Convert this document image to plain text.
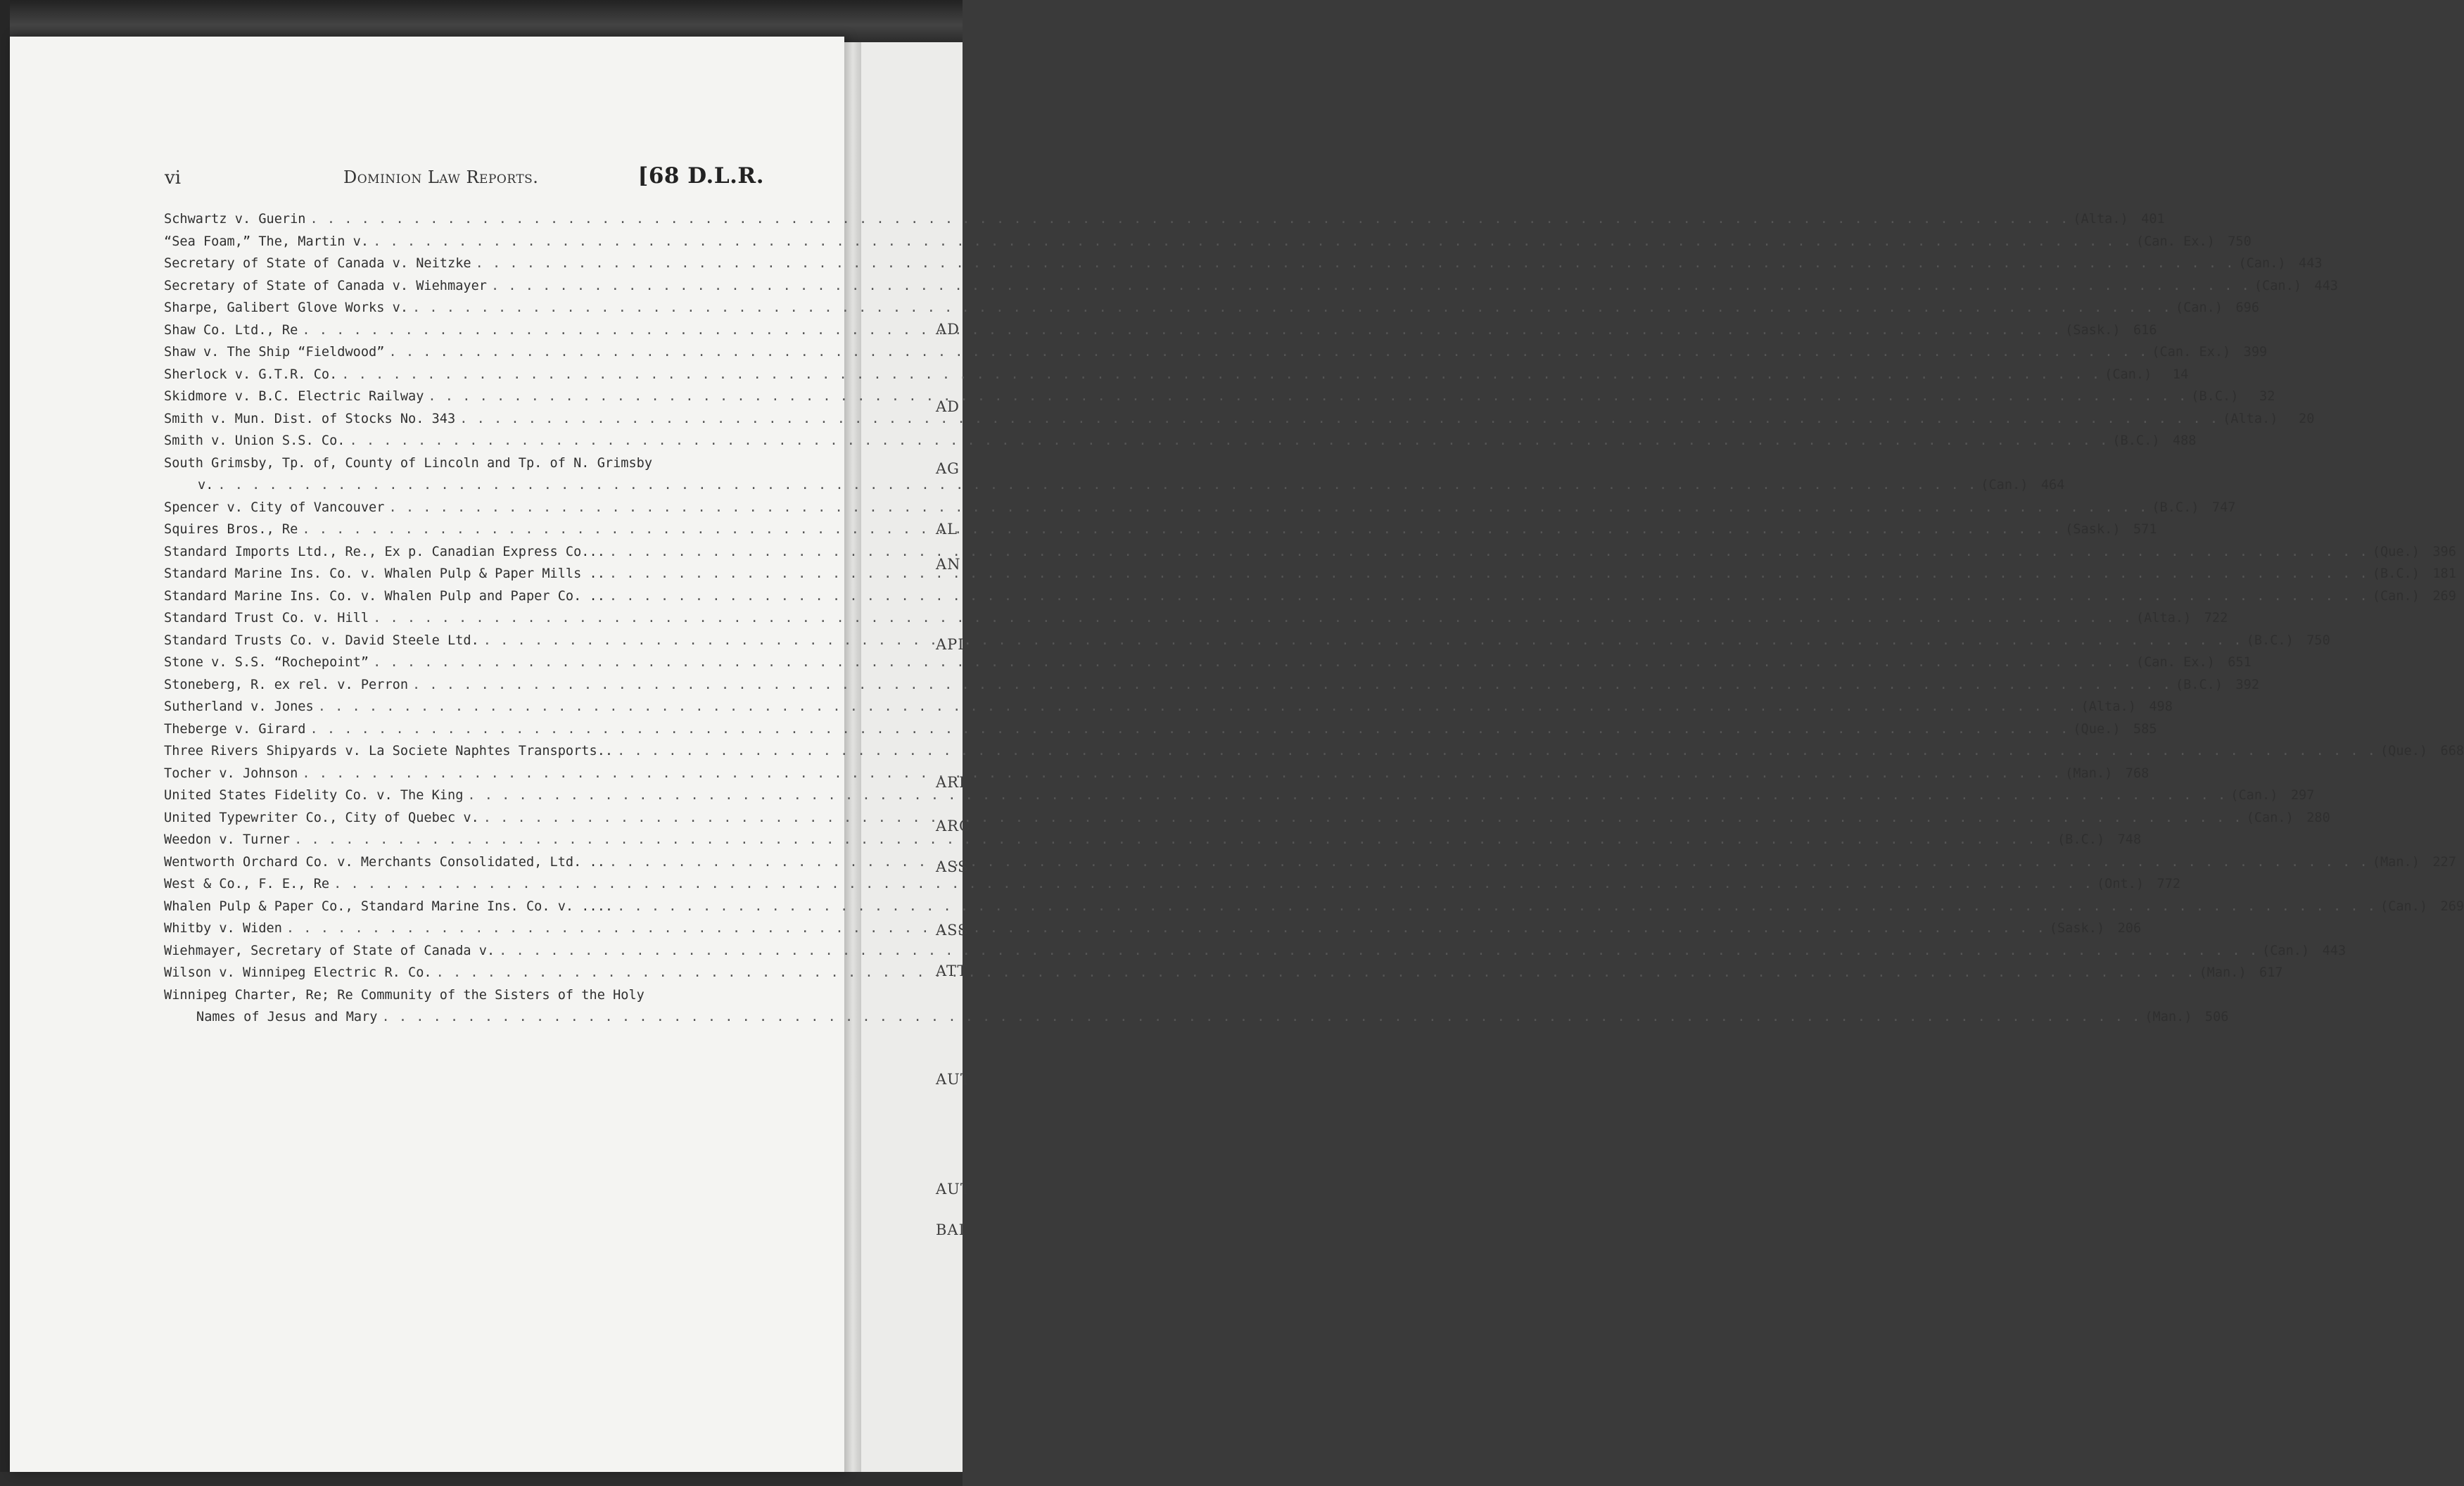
AD
AD
AG
AL
AN
API
ARI
ARC
ASS
ASS
ATT
AUT
AUT
BAI
vi	Dominion Law Reports.	[68 D.L.R.
Schwartz v. Guerin . . .	(Alta.) 401
“Sea Foam,” The, Martin v. . . .	(Can. Ex.) 750
Secretary of State of Canada v. Neitzke . . .	(Can.) 443
Secretary of State of Canada v. Wiehmayer . . .	(Can.) 443
Sharpe, Galibert Glove Works v. . . .	(Can.) 696
Shaw Co. Ltd., Re . . .	(Sask.) 616
Shaw v. The Ship “Fieldwood” . . .	(Can. Ex.) 399
Sherlock v. G.T.R. Co. . . .	(Can.)	14
Skidmore v. B.C. Electric Railway . . .	(B.C.)	32
Smith v. Mun. Dist. of Stocks No. 343 . . .	(Alta.)	20
Smith v. Union S.S. Co. . . .	(B.C.) 488
South Grimsby, Tp. of, County of Lincoln and Tp. of N. Grimsby
v. . . .	(Can.) 464
Spencer v. City of Vancouver . . .	(B.C.) 747
Squires Bros., Re . . .	(Sask.) 571
Standard Imports Ltd., Re., Ex p. Canadian Express Co... . . .	(Que.) 396
Standard Marine Ins. Co. v. Whalen Pulp & Paper Mills .. . . .	(B.C.) 181
Standard Marine Ins. Co. v. Whalen Pulp and Paper Co. .. . . .	(Can.) 269
Standard Trust Co. v. Hill . . .	(Alta.) 722
Standard Trusts Co. v. David Steele Ltd. . . .	(B.C.) 750
Stone v. S.S. “Rochepoint” . . .	(Can. Ex.) 651
Stoneberg, R. ex rel. v. Perron . . .	(B.C.) 392
Sutherland v. Jones . . .	(Alta.) 498
Theberge v. Girard . . .	(Que.) 585
Three Rivers Shipyards v. La Societe Naphtes Transports.. . . .	(Que.) 668
Tocher v. Johnson . . .	(Man.) 768
United States Fidelity Co. v. The King . . .	(Can.) 297
United Typewriter Co., City of Quebec v. . . .	(Can.) 280
Weedon v. Turner . . .	(B.C.) 748
Wentworth Orchard Co. v. Merchants Consolidated, Ltd. .. . . .	(Man.) 227
West & Co., F. E., Re . . .	(Ont.) 772
Whalen Pulp & Paper Co., Standard Marine Ins. Co. v. .... . . .	(Can.) 269
Whitby v. Widen . . .	(Sask.) 206
Wiehmayer, Secretary of State of Canada v. . . .	(Can.) 443
Wilson v. Winnipeg Electric R. Co. . . .	(Man.) 617
Winnipeg Charter, Re; Re Community of the Sisters of the Holy
Names of Jesus and Mary . . .	(Man.) 506
